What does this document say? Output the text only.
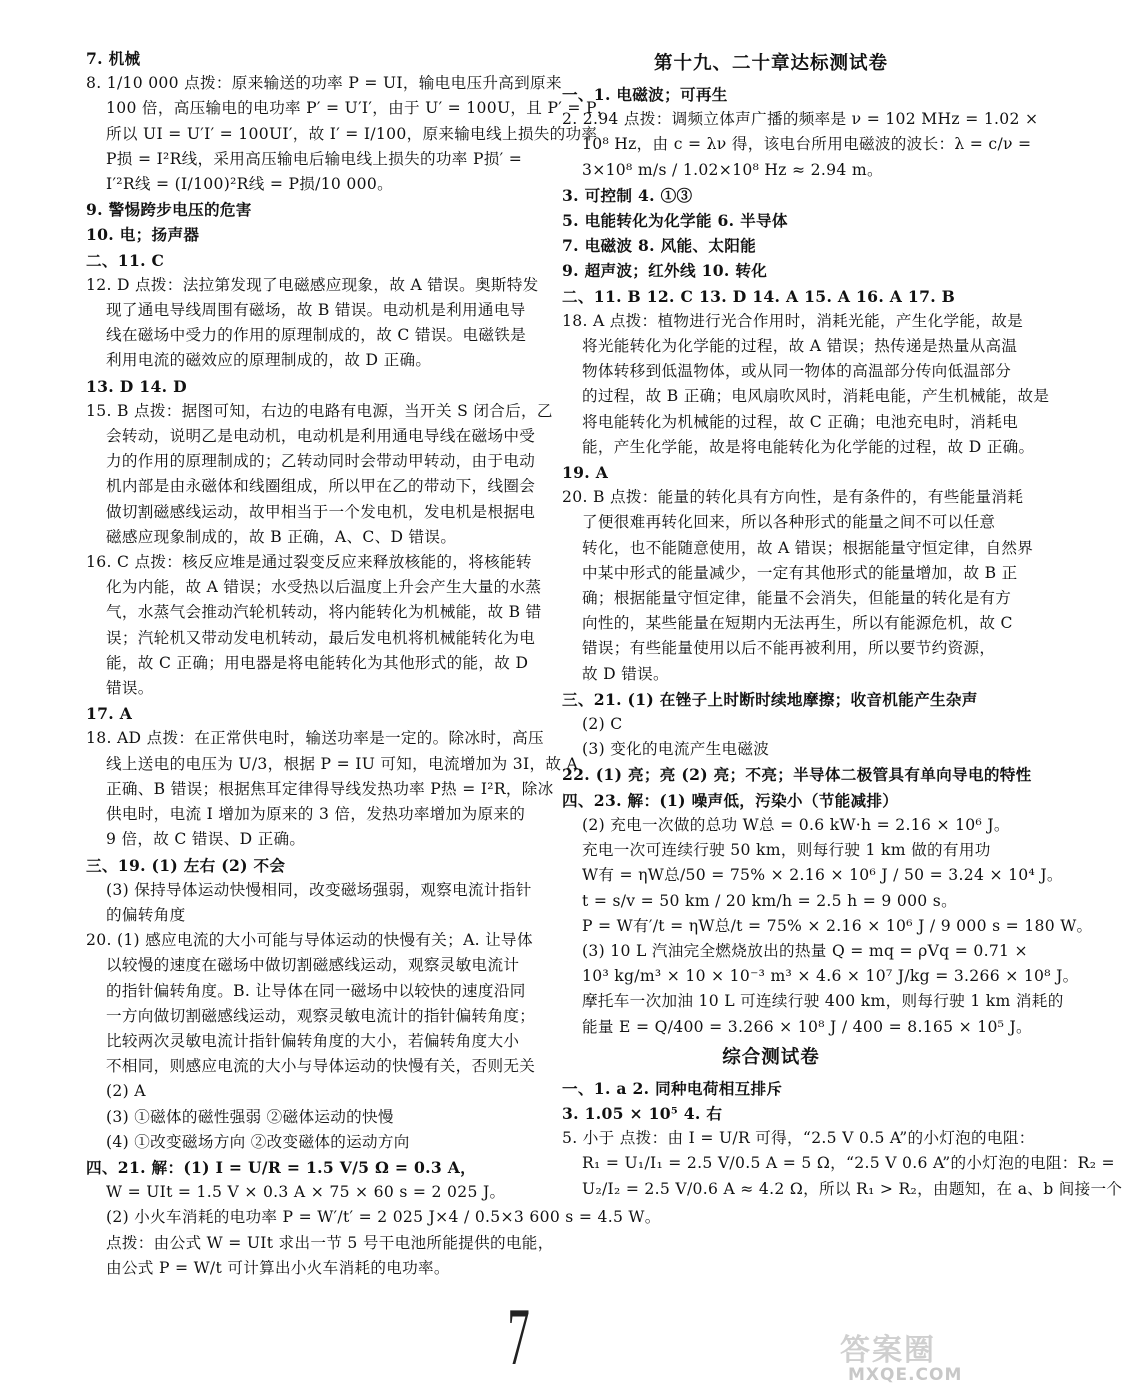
7. 机械

8. 1/10 000 点拨：原来输送的功率 P = UI，输电电压升高到原来

100 倍，高压输电的电功率 P′ = U′I′，由于 U′ = 100U，且 P′ = P，

所以 UI = U′I′ = 100UI′，故 I′ = I/100，原来输电线上损失的功率

P损 = I²R线，采用高压输电后输电线上损失的功率 P损′ =

I′²R线 = (I/100)²R线 = P损/10 000。

9. 警惕跨步电压的危害

10. 电；扬声器

二、11. C

12. D 点拨：法拉第发现了电磁感应现象，故 A 错误。奥斯特发

现了通电导线周围有磁场，故 B 错误。电动机是利用通电导

线在磁场中受力的作用的原理制成的，故 C 错误。电磁铁是

利用电流的磁效应的原理制成的，故 D 正确。

13. D 14. D

15. B 点拨：据图可知，右边的电路有电源，当开关 S 闭合后，乙

会转动，说明乙是电动机，电动机是利用通电导线在磁场中受

力的作用的原理制成的；乙转动同时会带动甲转动，由于电动

机内部是由永磁体和线圈组成，所以甲在乙的带动下，线圈会

做切割磁感线运动，故甲相当于一个发电机，发电机是根据电

磁感应现象制成的，故 B 正确，A、C、D 错误。

16. C 点拨：核反应堆是通过裂变反应来释放核能的，将核能转

化为内能，故 A 错误；水受热以后温度上升会产生大量的水蒸

气，水蒸气会推动汽轮机转动，将内能转化为机械能，故 B 错

误；汽轮机又带动发电机转动，最后发电机将机械能转化为电

能，故 C 正确；用电器是将电能转化为其他形式的能，故 D

错误。

17. A

18. AD 点拨：在正常供电时，输送功率是一定的。除冰时，高压

线上送电的电压为 U/3，根据 P = IU 可知，电流增加为 3I，故 A

正确、B 错误；根据焦耳定律得导线发热功率 P热 = I²R，除冰

供电时，电流 I 增加为原来的 3 倍，发热功率增加为原来的

9 倍，故 C 错误、D 正确。

三、19. (1) 左右 (2) 不会

(3) 保持导体运动快慢相同，改变磁场强弱，观察电流计指针

的偏转角度

20. (1) 感应电流的大小可能与导体运动的快慢有关；A. 让导体

以较慢的速度在磁场中做切割磁感线运动，观察灵敏电流计

的指针偏转角度。B. 让导体在同一磁场中以较快的速度沿同

一方向做切割磁感线运动，观察灵敏电流计的指针偏转角度；

比较两次灵敏电流计指针偏转角度的大小，若偏转角度大小

不相同，则感应电流的大小与导体运动的快慢有关，否则无关

(2) A

(3) ①磁体的磁性强弱 ②磁体运动的快慢

(4) ①改变磁场方向 ②改变磁体的运动方向

四、21. 解：(1) I = U/R = 1.5 V/5 Ω = 0.3 A，

W = UIt = 1.5 V × 0.3 A × 75 × 60 s = 2 025 J。

(2) 小火车消耗的电功率 P = W′/t′ = 2 025 J×4 / 0.5×3 600 s = 4.5 W。

点拨：由公式 W = UIt 求出一节 5 号干电池所能提供的电能，

由公式 P = W/t 可计算出小火车消耗的电功率。

第十九、二十章达标测试卷

一、1. 电磁波；可再生

2. 2.94 点拨：调频立体声广播的频率是 ν = 102 MHz = 1.02 ×

10⁸ Hz，由 c = λν 得，该电台所用电磁波的波长：λ = c/ν =

3×10⁸ m/s / 1.02×10⁸ Hz ≈ 2.94 m。

3. 可控制 4. ①③

5. 电能转化为化学能 6. 半导体

7. 电磁波 8. 风能、太阳能

9. 超声波；红外线 10. 转化

二、11. B 12. C 13. D 14. A 15. A 16. A 17. B

18. A 点拨：植物进行光合作用时，消耗光能，产生化学能，故是

将光能转化为化学能的过程，故 A 错误；热传递是热量从高温

物体转移到低温物体，或从同一物体的高温部分传向低温部分

的过程，故 B 正确；电风扇吹风时，消耗电能，产生机械能，故是

将电能转化为机械能的过程，故 C 正确；电池充电时，消耗电

能，产生化学能，故是将电能转化为化学能的过程，故 D 正确。

19. A

20. B 点拨：能量的转化具有方向性，是有条件的，有些能量消耗

了便很难再转化回来，所以各种形式的能量之间不可以任意

转化，也不能随意使用，故 A 错误；根据能量守恒定律，自然界

中某中形式的能量减少，一定有其他形式的能量增加，故 B 正

确；根据能量守恒定律，能量不会消失，但能量的转化是有方

向性的，某些能量在短期内无法再生，所以有能源危机，故 C

错误；有些能量使用以后不能再被利用，所以要节约资源，

故 D 错误。

三、21. (1) 在锉子上时断时续地摩擦；收音机能产生杂声

(2) C

(3) 变化的电流产生电磁波

22. (1) 亮；亮 (2) 亮；不亮；半导体二极管具有单向导电的特性

四、23. 解：(1) 噪声低，污染小（节能减排）

(2) 充电一次做的总功 W总 = 0.6 kW·h = 2.16 × 10⁶ J。

充电一次可连续行驶 50 km，则每行驶 1 km 做的有用功

W有 = ηW总/50 = 75% × 2.16 × 10⁶ J / 50 = 3.24 × 10⁴ J。

t = s/v = 50 km / 20 km/h = 2.5 h = 9 000 s。

P = W有′/t = ηW总/t = 75% × 2.16 × 10⁶ J / 9 000 s = 180 W。

(3) 10 L 汽油完全燃烧放出的热量 Q = mq = ρVq = 0.71 ×

10³ kg/m³ × 10 × 10⁻³ m³ × 4.6 × 10⁷ J/kg = 3.266 × 10⁸ J。

摩托车一次加油 10 L 可连续行驶 400 km，则每行驶 1 km 消耗的

能量 E = Q/400 = 3.266 × 10⁸ J / 400 = 8.165 × 10⁵ J。

综合测试卷

一、1. a 2. 同种电荷相互排斥

3. 1.05 × 10⁵ 4. 右

5. 小于 点拨：由 I = U/R 可得，“2.5 V 0.5 A”的小灯泡的电阻：

R₁ = U₁/I₁ = 2.5 V/0.5 A = 5 Ω，“2.5 V 0.6 A”的小灯泡的电阻：R₂ =

U₂/I₂ = 2.5 V/0.6 A ≈ 4.2 Ω，所以 R₁ > R₂，由题知，在 a、b 间接一个

7	答案圈
MXQE.COM
